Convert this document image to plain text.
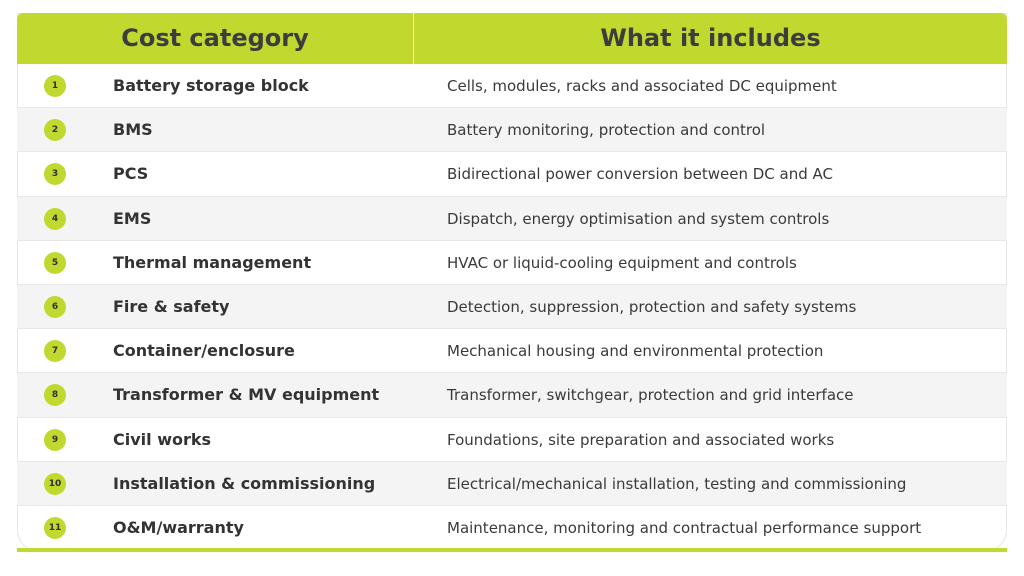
Cost category	What it includes
1	Battery storage block	Cells, modules, racks and associated DC equipment
2	BMS	Battery monitoring, protection and control
3	PCS	Bidirectional power conversion between DC and AC
4	EMS	Dispatch, energy optimisation and system controls
5	Thermal management	HVAC or liquid-cooling equipment and controls
6	Fire & safety	Detection, suppression, protection and safety systems
7	Container/enclosure	Mechanical housing and environmental protection
8	Transformer & MV equipment	Transformer, switchgear, protection and grid interface
9	Civil works	Foundations, site preparation and associated works
10	Installation & commissioning	Electrical/mechanical installation, testing and commissioning
11	O&M/warranty	Maintenance, monitoring and contractual performance support
